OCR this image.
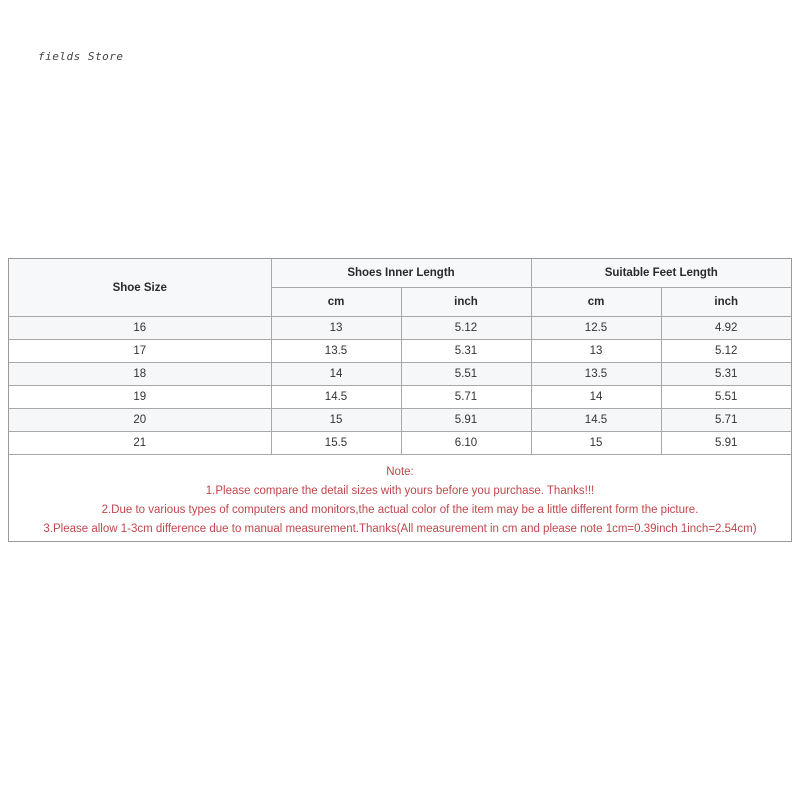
fields Store
Shoe Size	Shoes Inner Length		Suitable Feet Length	
	cm	inch	cm	inch
16	13	5.12	12.5	4.92
17	13.5	5.31	13	5.12
18	14	5.51	13.5	5.31
19	14.5	5.71	14	5.51
20	15	5.91	14.5	5.71
21	15.5	6.10	15	5.91
Note:
1.Please compare the detail sizes with yours before you purchase. Thanks!!!
2.Due to various types of computers and monitors,the actual color of the item may be a little different form the picture.
3.Please allow 1-3cm difference due to manual measurement.Thanks(All measurement in cm and please note 1cm=0.39inch 1inch=2.54cm)
